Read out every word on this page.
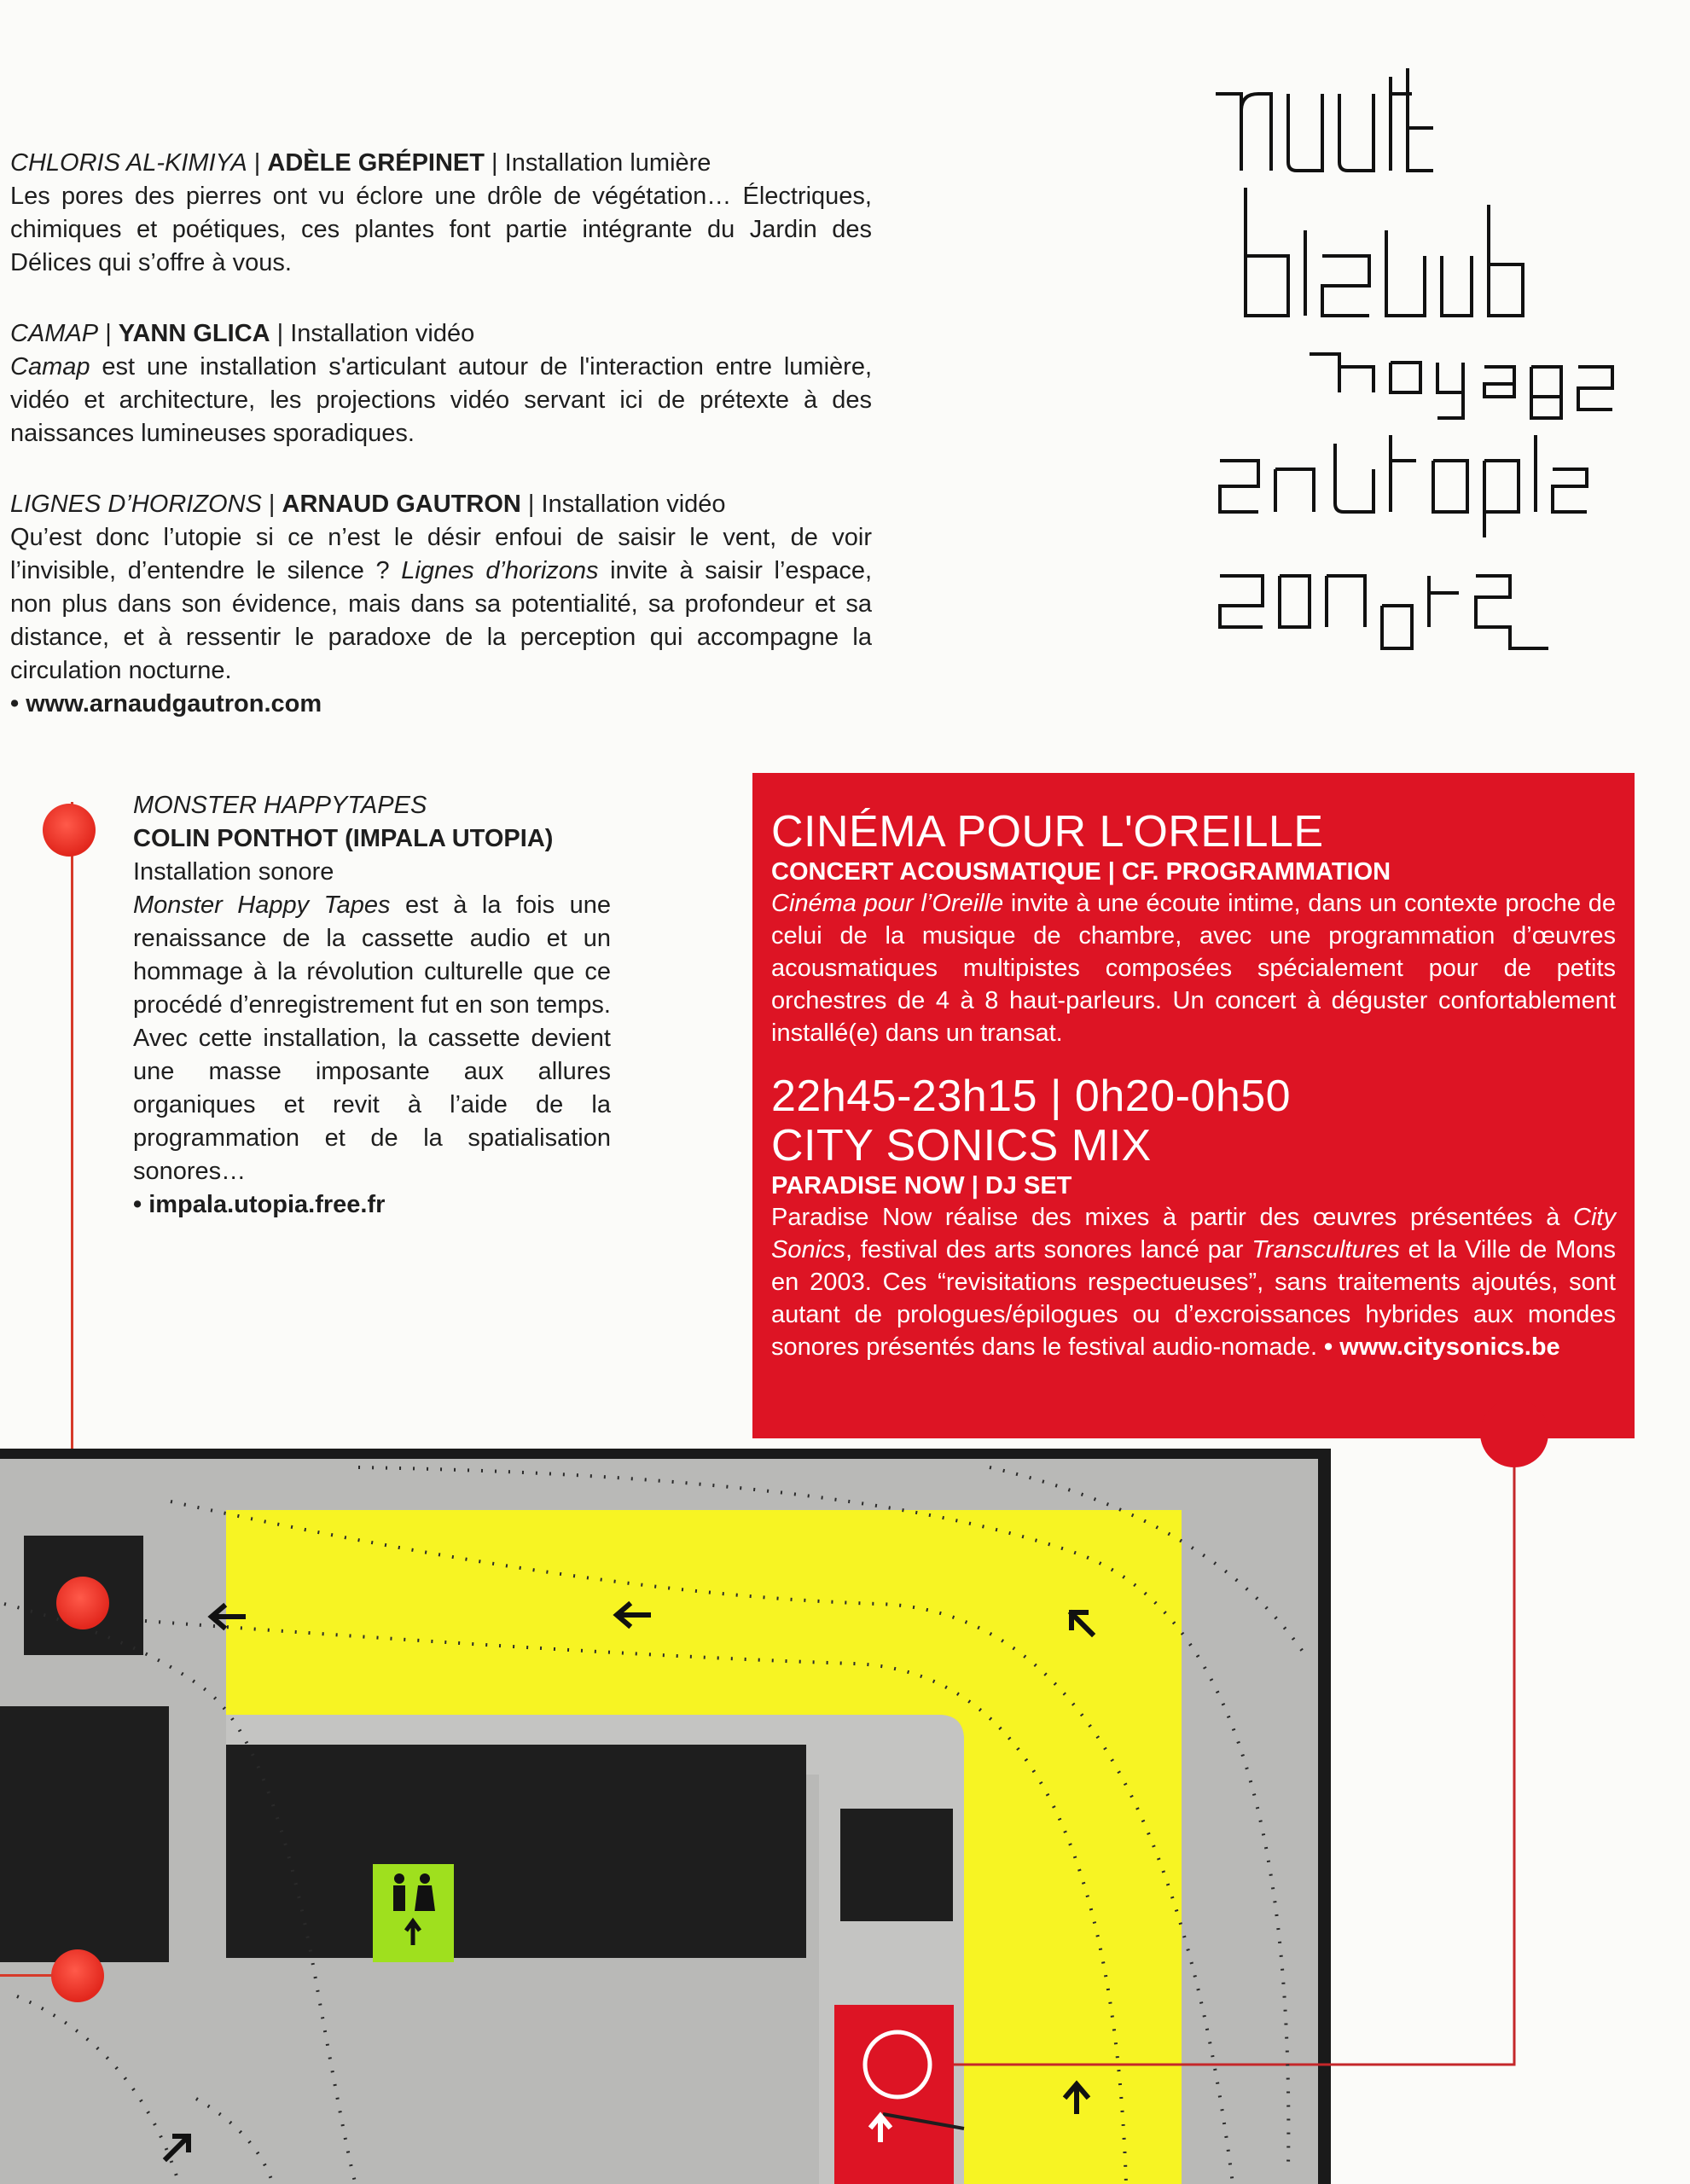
CHLORIS AL-KIMIYA | ADÈLE GRÉPINET | Installation lumière

Les pores des pierres ont vu éclore une drôle de végétation… Électriques, chimiques et poétiques, ces plantes font partie intégrante du Jardin des Délices qui s’offre à vous.

CAMAP | YANN GLICA | Installation vidéo

Camap est une installation s'articulant autour de l'interaction entre lumière, vidéo et architecture, les projections vidéo servant ici de prétexte à des naissances lumineuses sporadiques.

LIGNES D’HORIZONS | ARNAUD GAUTRON | Installation vidéo

Qu’est donc l’utopie si ce n’est le désir enfoui de saisir le vent, de voir l’invisible, d’entendre le silence ? Lignes d’horizons invite à saisir l’espace, non plus dans son évidence, mais dans sa potentialité, sa profondeur et sa distance, et à ressentir le paradoxe de la perception qui accompagne la circulation nocturne.

• www.arnaudgautron.com

MONSTER HAPPYTAPES

COLIN PONTHOT (IMPALA UTOPIA)

Installation sonore

Monster Happy Tapes est à la fois une renaissance de la cassette audio et un hommage à la révolution culturelle que ce procédé d’enregistrement fut en son temps. Avec cette installation, la cassette devient une masse imposante aux allures organiques et revit à l’aide de la programmation et de la spatialisation sonores…

• impala.utopia.free.fr

CINÉMA POUR L'OREILLE
CONCERT ACOUSMATIQUE | CF. PROGRAMMATION
Cinéma pour l’Oreille invite à une écoute intime, dans un contexte proche de celui de la musique de chambre, avec une programmation d’œuvres acousmatiques multipistes composées spécialement pour de petits orchestres de 4 à 8 haut-parleurs. Un concert à déguster confortablement installé(e) dans un transat.
22h45-23h15 | 0h20-0h50
CITY SONICS MIX
PARADISE NOW | DJ SET
Paradise Now réalise des mixes à partir des œuvres présentées à City Sonics, festival des arts sonores lancé par Transcultures et la Ville de Mons en 2003. Ces “revisitations respectueuses”, sans traitements ajoutés, sont autant de prologues/épilogues ou d’excroissances hybrides aux mondes sonores présentés dans le festival audio-nomade. • www.citysonics.be
